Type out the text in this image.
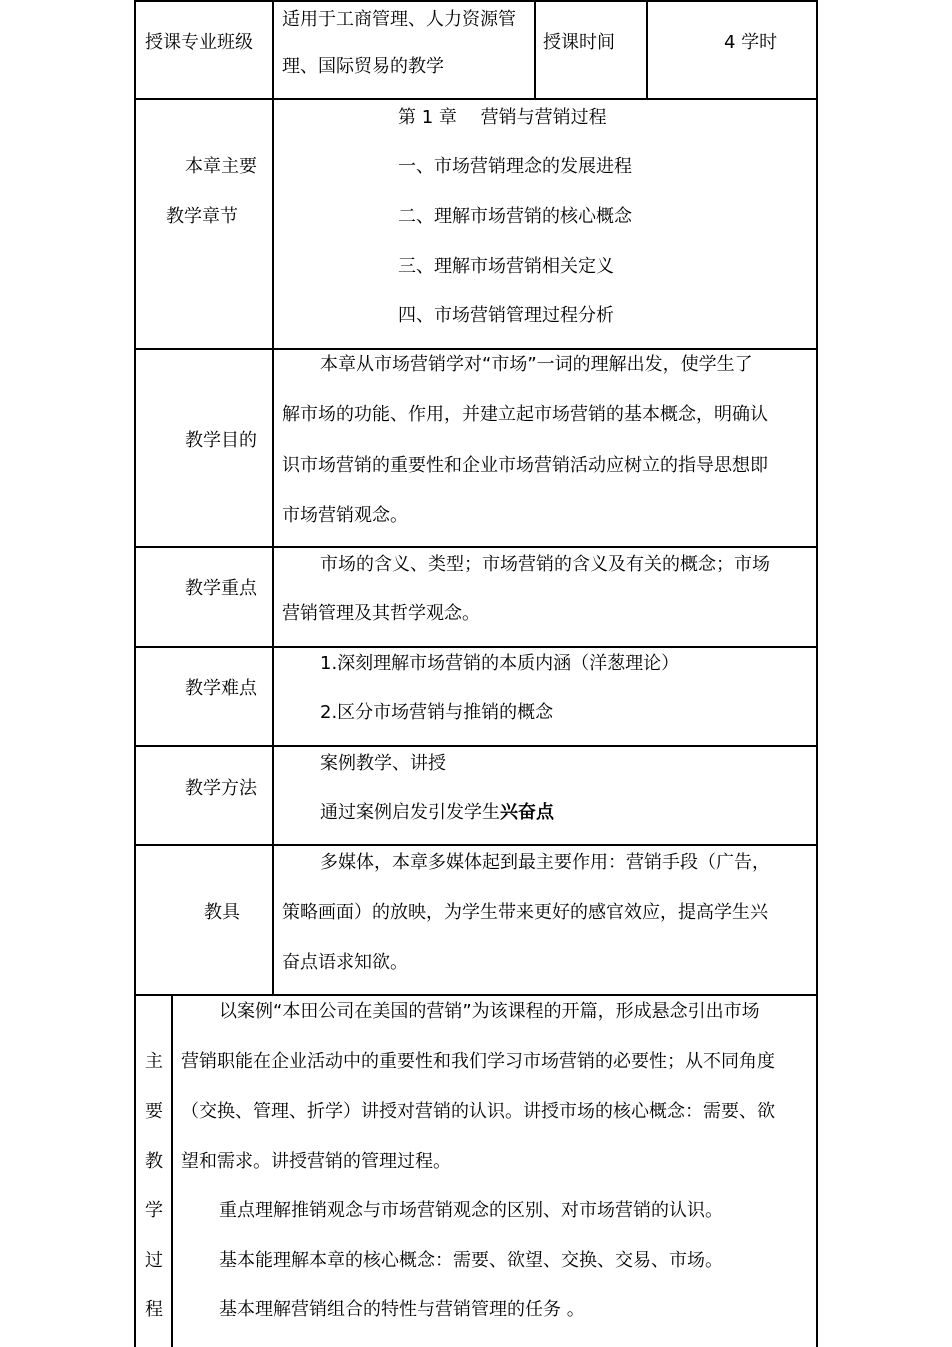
授课专业班级
适用于工商管理、人力资源管
理、国际贸易的教学
授课时间	4 学时
本章主要
教学章节
第 1 章　 营销与营销过程
一、市场营销理念的发展进程
二、理解市场营销的核心概念
三、理解市场营销相关定义
四、市场营销管理过程分析
教学目的
本章从市场营销学对“市场”一词的理解出发，使学生了
解市场的功能、作用，并建立起市场营销的基本概念，明确认
识市场营销的重要性和企业市场营销活动应树立的指导思想即
市场营销观念。
教学重点
市场的含义、类型；市场营销的含义及有关的概念；市场
营销管理及其哲学观念。
教学难点
1.深刻理解市场营销的本质内涵（洋葱理论）
2.区分市场营销与推销的概念
教学方法
案例教学、讲授
通过案例启发引发学生兴奋点
教具
多媒体，本章多媒体起到最主要作用：营销手段（广告，
策略画面）的放映，为学生带来更好的感官效应，提高学生兴
奋点语求知欲。
主
要
教
学
过
程
以案例“本田公司在美国的营销”为该课程的开篇，形成悬念引出市场
营销职能在企业活动中的重要性和我们学习市场营销的必要性；从不同角度
（交换、管理、折学）讲授对营销的认识。讲授市场的核心概念：需要、欲
望和需求。讲授营销的管理过程。
重点理解推销观念与市场营销观念的区别、对市场营销的认识。
基本能理解本章的核心概念：需要、欲望、交换、交易、市场。
基本理解营销组合的特性与营销管理的任务 。
